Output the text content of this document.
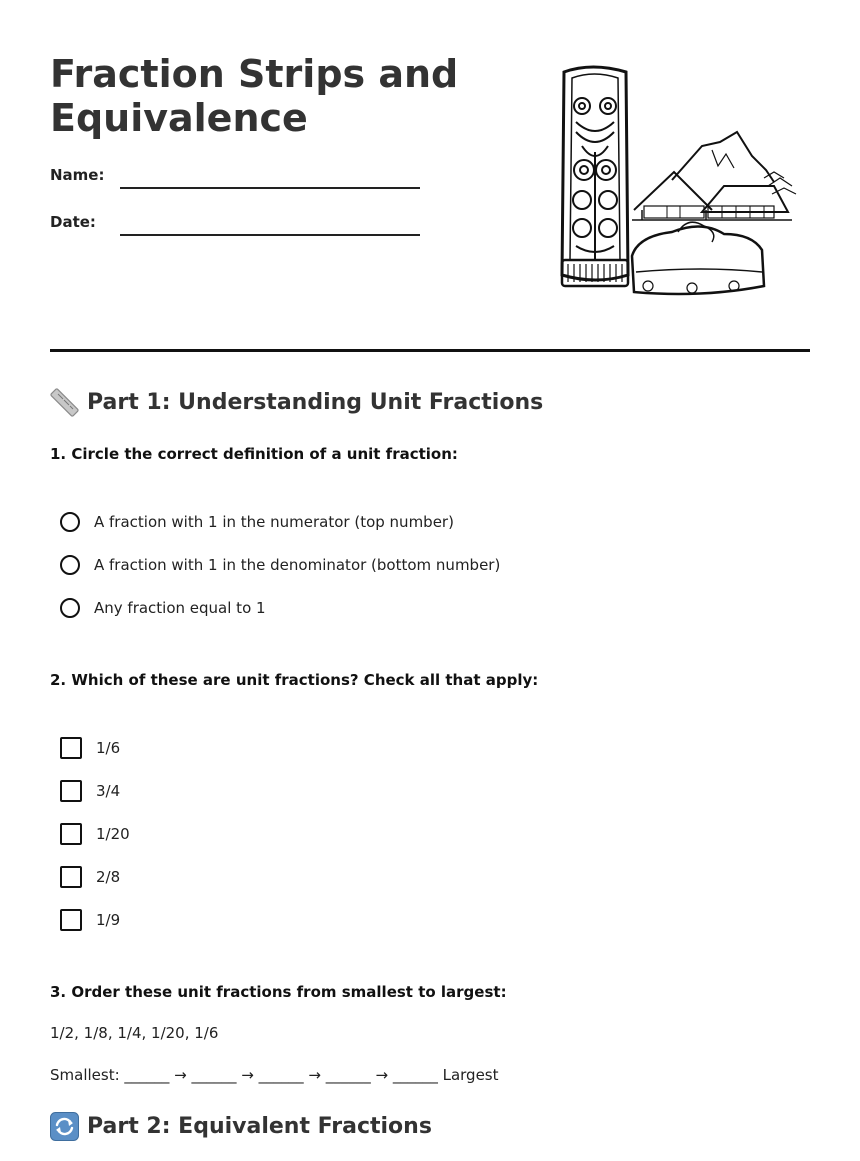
Fraction Strips and
Equivalence
Name:
Date:
Part 1: Understanding Unit Fractions
1. Circle the correct definition of a unit fraction:
A fraction with 1 in the numerator (top number)
A fraction with 1 in the denominator (bottom number)
Any fraction equal to 1
2. Which of these are unit fractions? Check all that apply:
1/6
3/4
1/20
2/8
1/9
3. Order these unit fractions from smallest to largest:
1/2, 1/8, 1/4, 1/20, 1/6
Smallest: ______ → ______ → ______ → ______ → ______ Largest
Part 2: Equivalent Fractions
